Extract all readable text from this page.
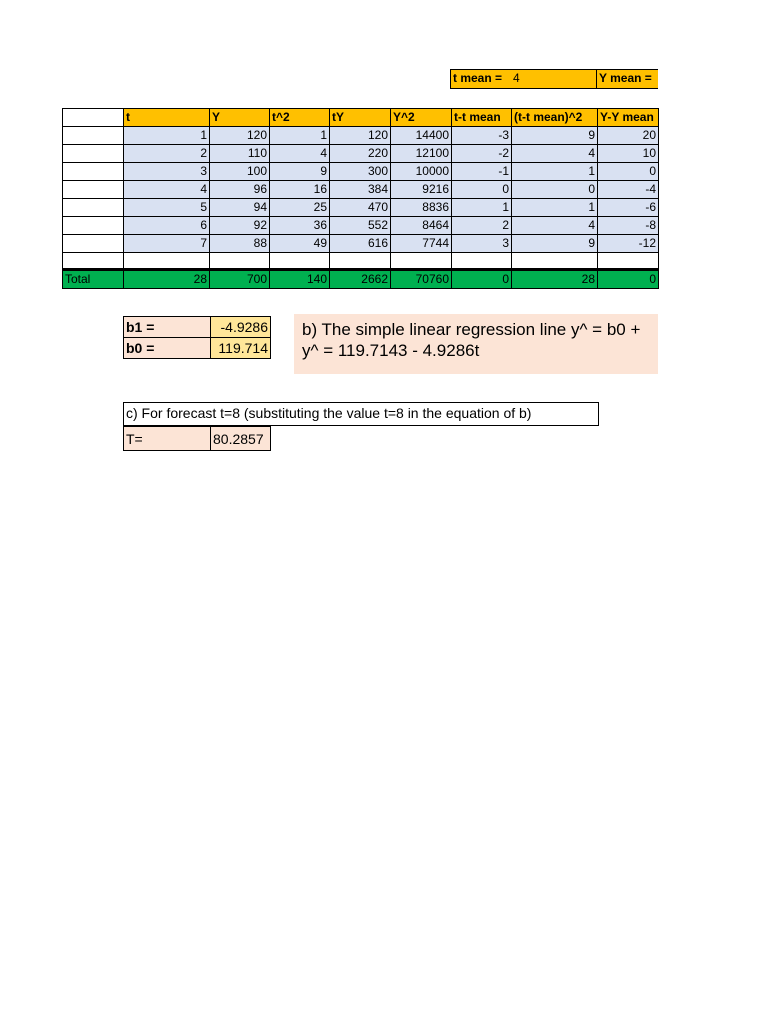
t mean = 4	Y mean =
	t	Y	t^2	tY	Y^2	t-t mean	(t-t mean)^2	Y-Y mean
	1	120	1	120	14400	-3	9	20
	2	110	4	220	12100	-2	4	10
	3	100	9	300	10000	-1	1	0
	4	96	16	384	9216	0	0	-4
	5	94	25	470	8836	1	1	-6
	6	92	36	552	8464	2	4	-8
	7	88	49	616	7744	3	9	-12

Total	28	700	140	2662	70760	0	28	0
b1 =	-4.9286
b0 =	119.714
b) The simple linear regression line y^ = b0 +
y^ = 119.7143 - 4.9286t
c) For forecast t=8 (substituting the value t=8 in the equation of b)
T=	80.2857
